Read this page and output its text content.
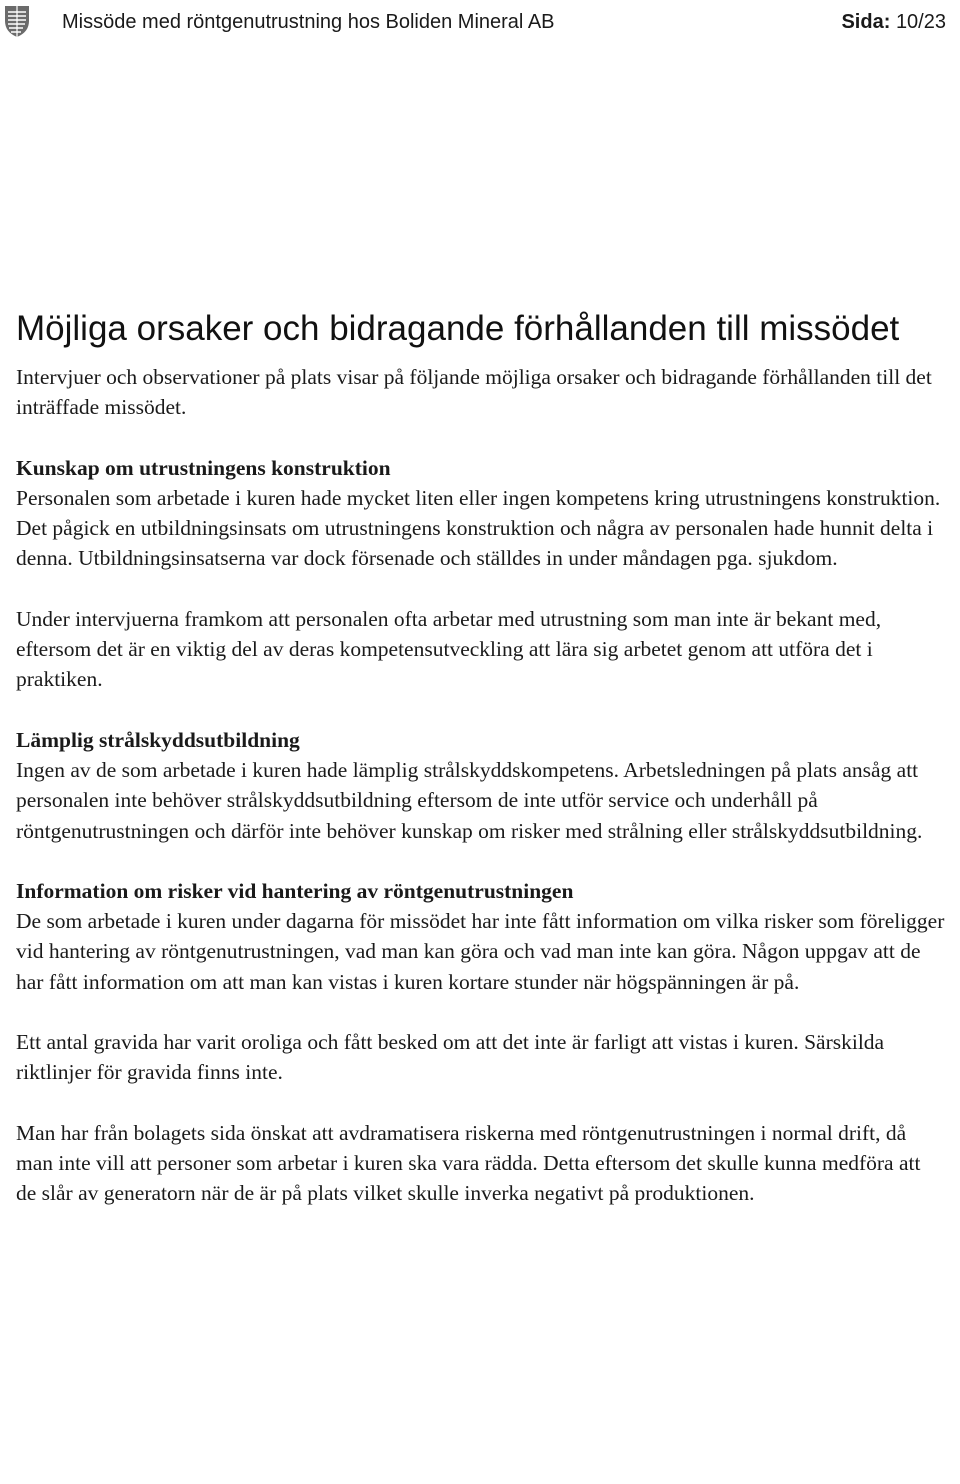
Missöde med röntgenutrustning hos Boliden Mineral AB	Sida: 10/23
Möjliga orsaker och bidragande förhållanden till missödet

Intervjuer och observationer på plats visar på följande möjliga orsaker och bidragande förhållanden till det inträffade missödet.

Kunskap om utrustningens konstruktion

Personalen som arbetade i kuren hade mycket liten eller ingen kompetens kring utrustningens konstruktion. Det pågick en utbildningsinsats om utrustningens konstruktion och några av personalen hade hunnit delta i denna. Utbildningsinsatserna var dock försenade och ställdes in under måndagen pga. sjukdom.

Under intervjuerna framkom att personalen ofta arbetar med utrustning som man inte är bekant med, eftersom det är en viktig del av deras kompetensutveckling att lära sig arbetet genom att utföra det i praktiken.

Lämplig strålskyddsutbildning

Ingen av de som arbetade i kuren hade lämplig strålskyddskompetens. Arbetsledningen på plats ansåg att personalen inte behöver strålskyddsutbildning eftersom de inte utför service och underhåll på röntgenutrustningen och därför inte behöver kunskap om risker med strålning eller strålskyddsutbildning.

Information om risker vid hantering av röntgenutrustningen

De som arbetade i kuren under dagarna för missödet har inte fått information om vilka risker som föreligger vid hantering av röntgenutrustningen, vad man kan göra och vad man inte kan göra. Någon uppgav att de har fått information om att man kan vistas i kuren kortare stunder när högspänningen är på.

Ett antal gravida har varit oroliga och fått besked om att det inte är farligt att vistas i kuren. Särskilda riktlinjer för gravida finns inte.

Man har från bolagets sida önskat att avdramatisera riskerna med röntgenutrustningen i normal drift, då man inte vill att personer som arbetar i kuren ska vara rädda. Detta eftersom det skulle kunna medföra att de slår av generatorn när de är på plats vilket skulle inverka negativt på produktionen.
